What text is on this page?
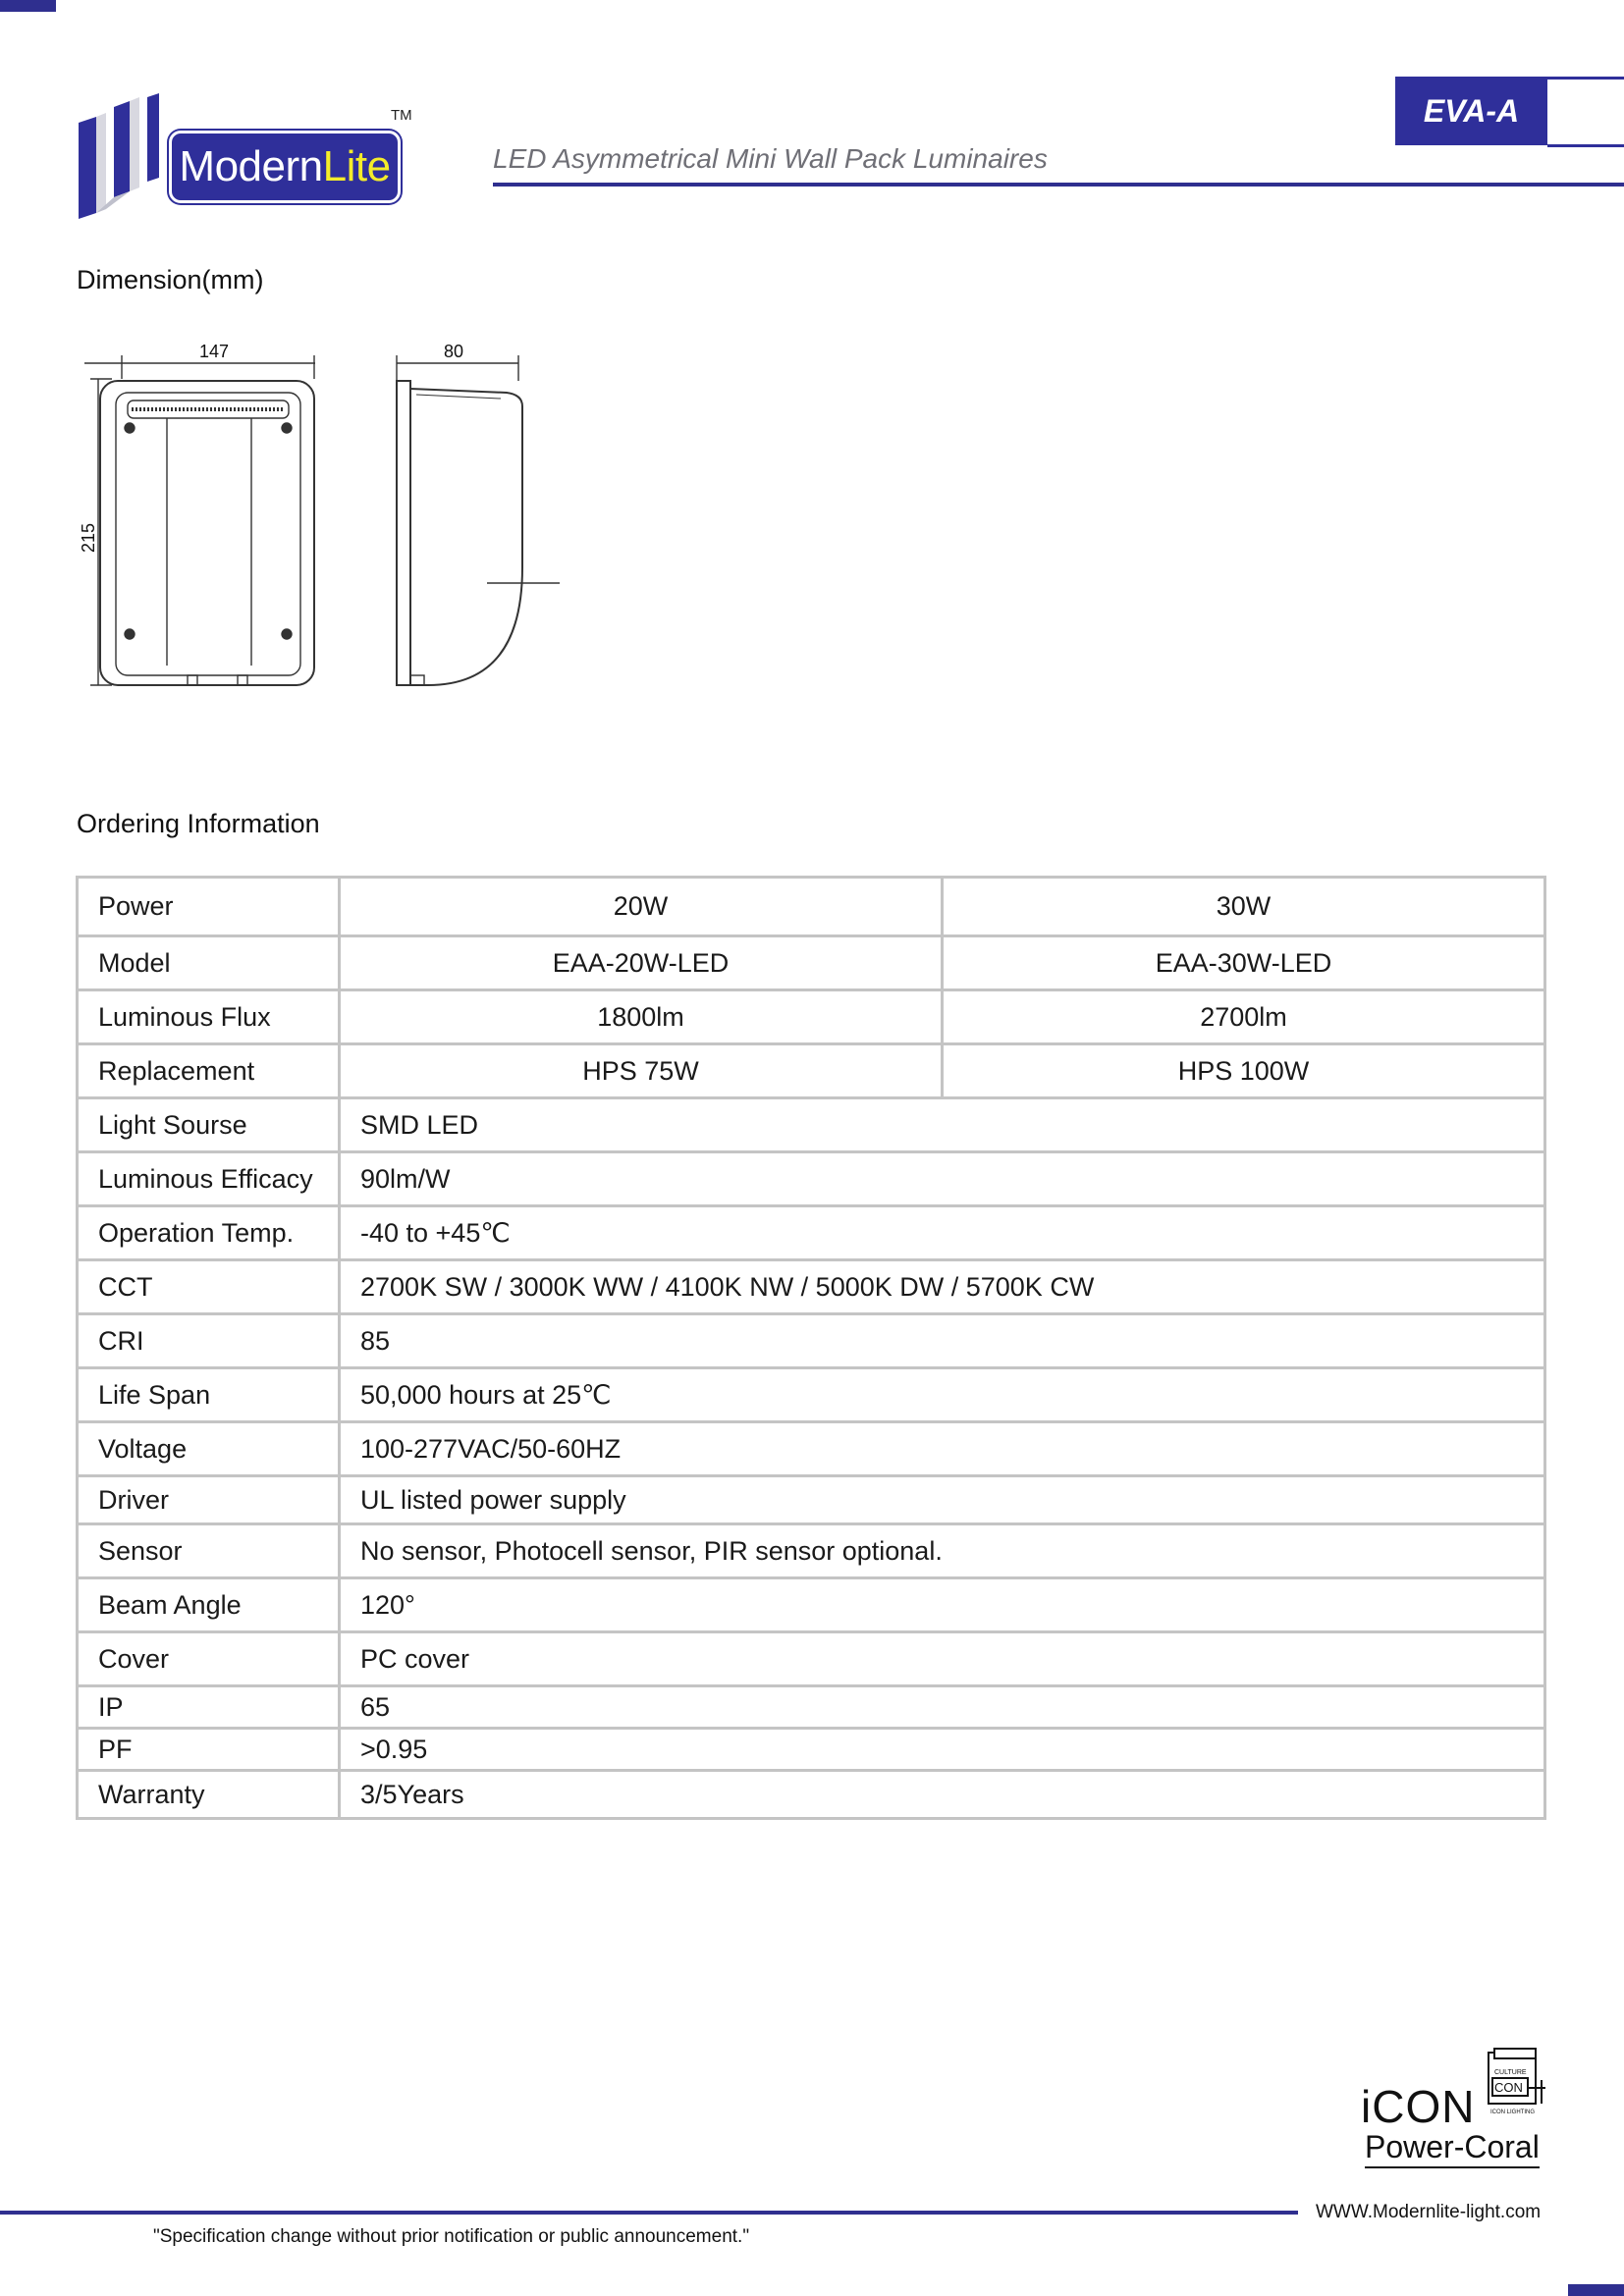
ModernLite
TM
LED Asymmetrical Mini Wall Pack Luminaires
EVA-A
Dimension(mm)
147	80
215
Ordering Information
Power	20W	30W
Model	EAA-20W-LED	EAA-30W-LED
Luminous Flux	1800lm	2700lm
Replacement	HPS 75W	HPS 100W
Light Sourse	SMD LED	
Luminous Efficacy	90lm/W	
Operation Temp.	-40 to +45℃	
CCT	2700K SW / 3000K WW / 4100K NW / 5000K DW / 5700K CW	
CRI	85	
Life Span	50,000 hours at 25℃	
Voltage	100-277VAC/50-60HZ	
Driver	UL listed power supply	
Sensor	No sensor, Photocell sensor, PIR sensor optional.	
Beam Angle	120°	
Cover	PC cover	
IP	65	
PF	>0.95	
Warranty	3/5Years	
iCON
Power-Coral
CULTURE
CON
ICON LIGHTING
WWW.Modernlite-light.com
"Specification change without prior notification or public announcement."
